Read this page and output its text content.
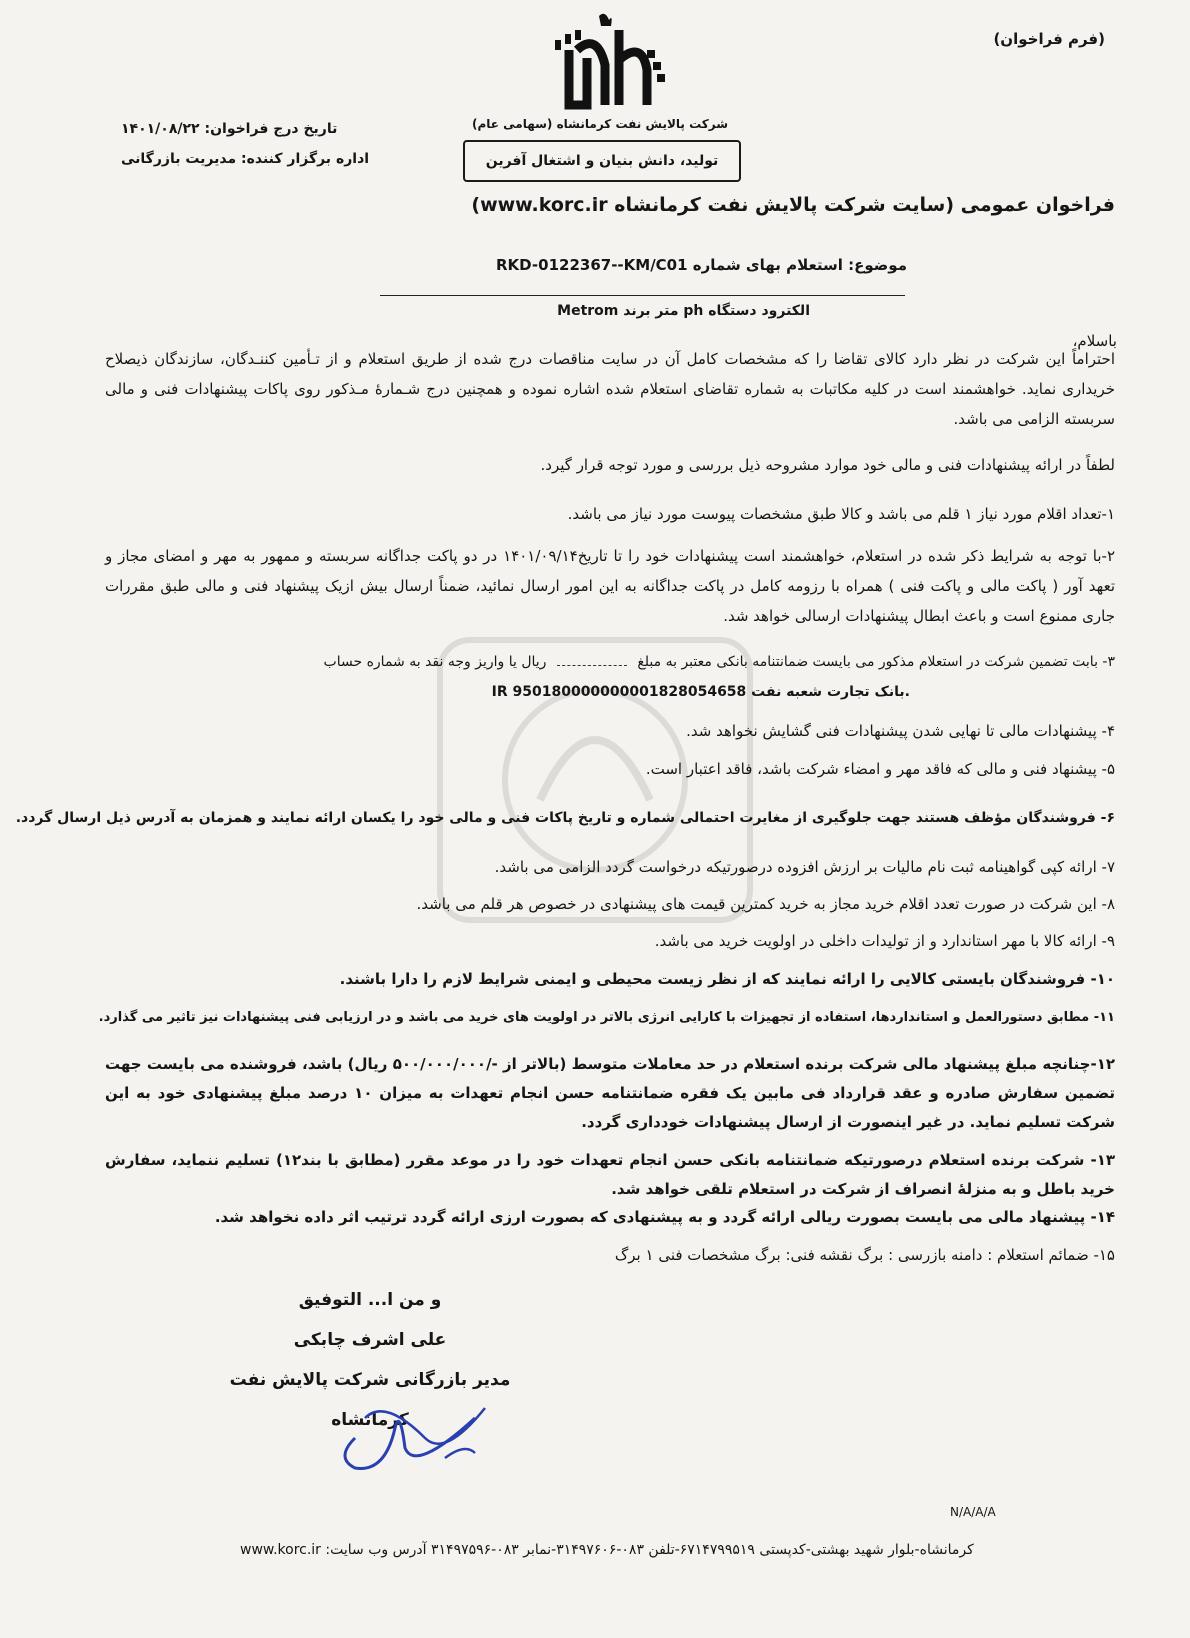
(فرم فراخوان)
شرکت پالایش نفت کرمانشاه (سهامی عام)
تولید، دانش بنیان و اشتغال آفرین
تاریخ درج فراخوان: ۱۴۰۱/۰۸/۲۲
اداره برگزار کننده: مدیریت بازرگانی
فراخوان عمومی (سایت شرکت پالایش نفت کرمانشاه www.korc.ir)
موضوع: استعلام بهای شماره RKD-0122367--KM/C01
الکترود دستگاه ph متر برند Metrom
باسلام،
احتراماً این شرکت در نظر دارد کالای تقاضا را که مشخصات کامل آن در سایت مناقصات درج شده از طریق استعلام و از تـأمین کننـدگان، سازندگان ذیصلاح خریداری نماید. خواهشمند است در کلیه مکاتبات به شماره تقاضای استعلام شده اشاره نموده و همچنین درج شـمارۀ مـذکور روی پاکات پیشنهادات فنی و مالی سربسته الزامی می باشد.
لطفاً در ارائه پیشنهادات فنی و مالی خود موارد مشروحه ذیل بررسی و مورد توجه قرار گیرد.
۱-تعداد اقلام مورد نیاز ۱ قلم می باشد و کالا طبق مشخصات پیوست مورد نیاز می باشد.
۲-با توجه به شرایط ذکر شده در استعلام، خواهشمند است پیشنهادات خود را تا تاریخ۱۴۰۱/۰۹/۱۴ در دو پاکت جداگانه سربسته و ممهور به مهر و امضای مجاز و تعهد آور ( پاکت مالی و پاکت فنی ) همراه با رزومه کامل در پاکت جداگانه به این امور ارسال نمائید، ضمناً ارسال بیش ازیک پیشنهاد فنی و مالی طبق مقررات جاری ممنوع است و باعث ابطال پیشنهادات ارسالی خواهد شد.
۳- بابت تضمین شرکت در استعلام مذکور می بایست ضمانتنامه بانکی معتبر به مبلغ  ریال یا واریز وجه نقد به شماره حساب
IR 950180000000001828054658 بانک تجارت شعبه نفت.
۴- پیشنهادات مالی تا نهایی شدن پیشنهادات فنی گشایش نخواهد شد.
۵- پیشنهاد فنی و مالی که فاقد مهر و امضاء شرکت باشد، فاقد اعتبار است.
۶- فروشندگان مؤظف هستند جهت جلوگیری از مغایرت احتمالی شماره و تاریخ پاکات فنی و مالی خود را یکسان ارائه نمایند و همزمان به آدرس ذیل ارسال گردد.
۷- ارائه کپی گواهینامه ثبت نام مالیات بر ارزش افزوده درصورتیکه درخواست گردد الزامی می باشد.
۸- این شرکت در صورت تعدد اقلام خرید مجاز به خرید کمترین قیمت های پیشنهادی در خصوص هر قلم می باشد.
۹- ارائه کالا با مهر استاندارد و از تولیدات داخلی در اولویت خرید می باشد.
۱۰- فروشندگان بایستی کالایی را ارائه نمایند که از نظر زیست محیطی و ایمنی شرایط لازم را دارا باشند.
۱۱- مطابق دستورالعمل و استانداردها، استفاده از تجهیزات با کارایی انرژی بالاتر در اولویت های خرید می باشد و در ارزیابی فنی پیشنهادات نیز تاثیر می گذارد.
۱۲-چنانچه مبلغ پیشنهاد مالی شرکت برنده استعلام در حد معاملات متوسط (بالاتر از -/۵۰۰/۰۰۰/۰۰۰ ریال) باشد، فروشنده می بایست جهت تضمین سفارش صادره و عقد قرارداد فی مابین یک فقره ضمانتنامه حسن انجام تعهدات به میزان ۱۰ درصد مبلغ پیشنهادی خود به این شرکت تسلیم نماید. در غیر اینصورت از ارسال پیشنهادات خودداری گردد.
۱۳- شرکت برنده استعلام درصورتیکه ضمانتنامه بانکی حسن انجام تعهدات خود را در موعد مقرر (مطابق با بند۱۲) تسلیم ننماید، سفارش خرید باطل و به منزلۀ انصراف از شرکت در استعلام تلقی خواهد شد.
۱۴- پیشنهاد مالی می بایست بصورت ریالی ارائه گردد و به پیشنهادی که بصورت ارزی ارائه گردد ترتیب اثر داده نخواهد شد.
۱۵- ضمائم استعلام : دامنه بازرسی : برگ نقشه فنی: برگ مشخصات فنی ۱ برگ
و من ا... التوفیق
علی اشرف چابکی
مدیر بازرگانی شرکت پالایش نفت کرمانشاه
N/A/A/A
کرمانشاه-بلوار شهید بهشتی-کدپستی ۶۷۱۴۷۹۹۵۱۹-تلفن ۰۸۳-۳۱۴۹۷۶۰۶-نمابر ۰۸۳-۳۱۴۹۷۵۹۶ آدرس وب سایت: www.korc.ir
